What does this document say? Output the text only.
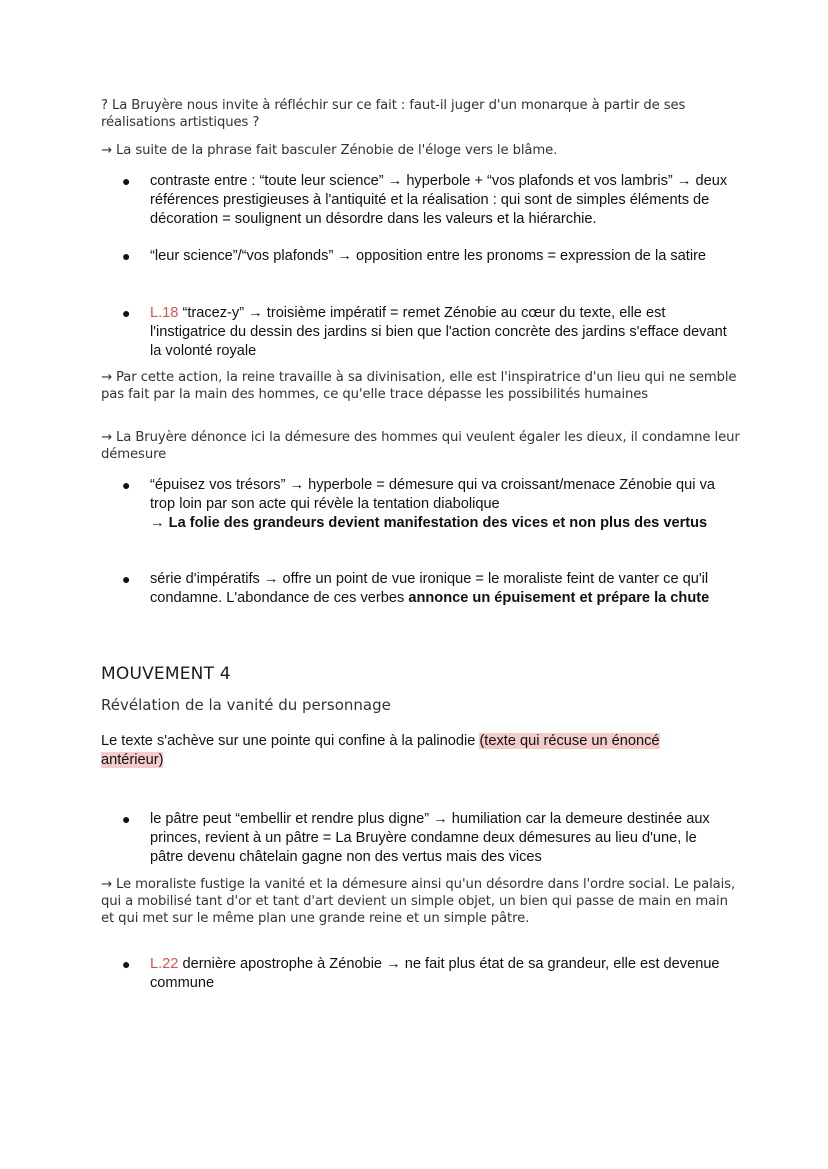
? La Bruyère nous invite à réfléchir sur ce fait : faut-il juger d'un monarque à partir de ses réalisations artistiques ?

→ La suite de la phrase fait basculer Zénobie de l'éloge vers le blâme.

● contraste entre : “toute leur science” → hyperbole + “vos plafonds et vos lambris” → deux références prestigieuses à l'antiquité et la réalisation : qui sont de simples éléments de décoration = soulignent un désordre dans les valeurs et la hiérarchie.

● “leur science”/“vos plafonds” → opposition entre les pronoms = expression de la satire

● L.18 “tracez-y” → troisième impératif = remet Zénobie au cœur du texte, elle est l'instigatrice du dessin des jardins si bien que l'action concrète des jardins s'efface devant la volonté royale

→ Par cette action, la reine travaille à sa divinisation, elle est l'inspiratrice d'un lieu qui ne semble pas fait par la main des hommes, ce qu'elle trace dépasse les possibilités humaines

→ La Bruyère dénonce ici la démesure des hommes qui veulent égaler les dieux, il condamne leur démesure

● “épuisez vos trésors” → hyperbole = démesure qui va croissant/menace Zénobie qui va trop loin par son acte qui révèle la tentation diabolique
→ La folie des grandeurs devient manifestation des vices et non plus des vertus

● série d'impératifs → offre un point de vue ironique = le moraliste feint de vanter ce qu'il condamne. L'abondance de ces verbes annonce un épuisement et prépare la chute

MOUVEMENT 4
Révélation de la vanité du personnage

Le texte s'achève sur une pointe qui confine à la palinodie (texte qui récuse un énoncé antérieur)

● le pâtre peut “embellir et rendre plus digne” → humiliation car la demeure destinée aux princes, revient à un pâtre = La Bruyère condamne deux démesures au lieu d'une, le pâtre devenu châtelain gagne non des vertus mais des vices

→ Le moraliste fustige la vanité et la démesure ainsi qu'un désordre dans l'ordre social. Le palais, qui a mobilisé tant d'or et tant d'art devient un simple objet, un bien qui passe de main en main et qui met sur le même plan une grande reine et un simple pâtre.

● L.22 dernière apostrophe à Zénobie → ne fait plus état de sa grandeur, elle est devenue commune
